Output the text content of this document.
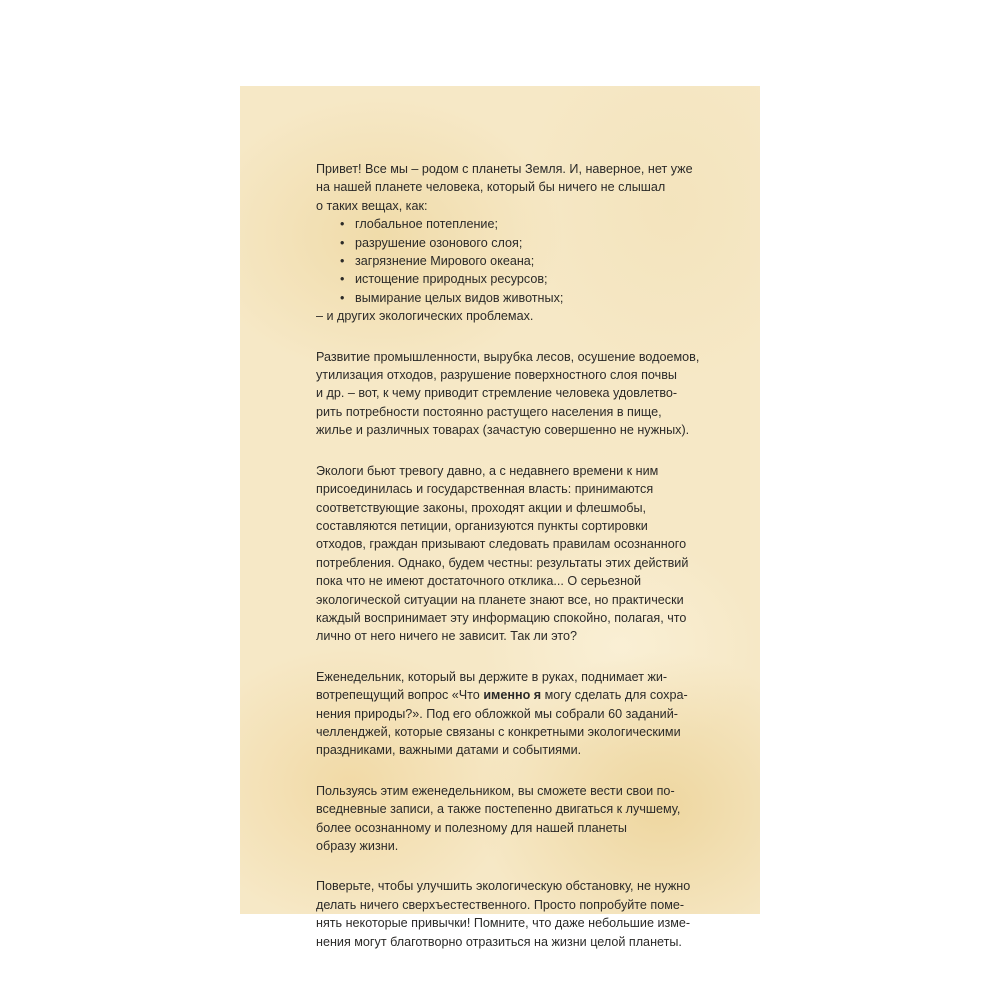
Привет! Все мы – родом с планеты Земля. И, наверное, нет уже
на нашей планете человека, который бы ничего не слышал
о таких вещах, как:
• глобальное потепление;
• разрушение озонового слоя;
• загрязнение Мирового океана;
• истощение природных ресурсов;
• вымирание целых видов животных;
– и других экологических проблемах.
Развитие промышленности, вырубка лесов, осушение водоемов,
утилизация отходов, разрушение поверхностного слоя почвы
и др. – вот, к чему приводит стремление человека удовлетво-
рить потребности постоянно растущего населения в пище,
жилье и различных товарах (зачастую совершенно не нужных).
Экологи бьют тревогу давно, а с недавнего времени к ним
присоединилась и государственная власть: принимаются
соответствующие законы, проходят акции и флешмобы,
составляются петиции, организуются пункты сортировки
отходов, граждан призывают следовать правилам осознанного
потребления. Однако, будем честны: результаты этих действий
пока что не имеют достаточного отклика... О серьезной
экологической ситуации на планете знают все, но практически
каждый воспринимает эту информацию спокойно, полагая, что
лично от него ничего не зависит. Так ли это?
Еженедельник, который вы держите в руках, поднимает жи-
вотрепещущий вопрос «Что именно я могу сделать для сохра-
нения природы?». Под его обложкой мы собрали 60 заданий-
челленджей, которые связаны с конкретными экологическими
праздниками, важными датами и событиями.
Пользуясь этим еженедельником, вы сможете вести свои по-
вседневные записи, а также постепенно двигаться к лучшему,
более осознанному и полезному для нашей планеты
образу жизни.
Поверьте, чтобы улучшить экологическую обстановку, не нужно
делать ничего сверхъестественного. Просто попробуйте поме-
нять некоторые привычки! Помните, что даже небольшие изме-
нения могут благотворно отразиться на жизни целой планеты.
